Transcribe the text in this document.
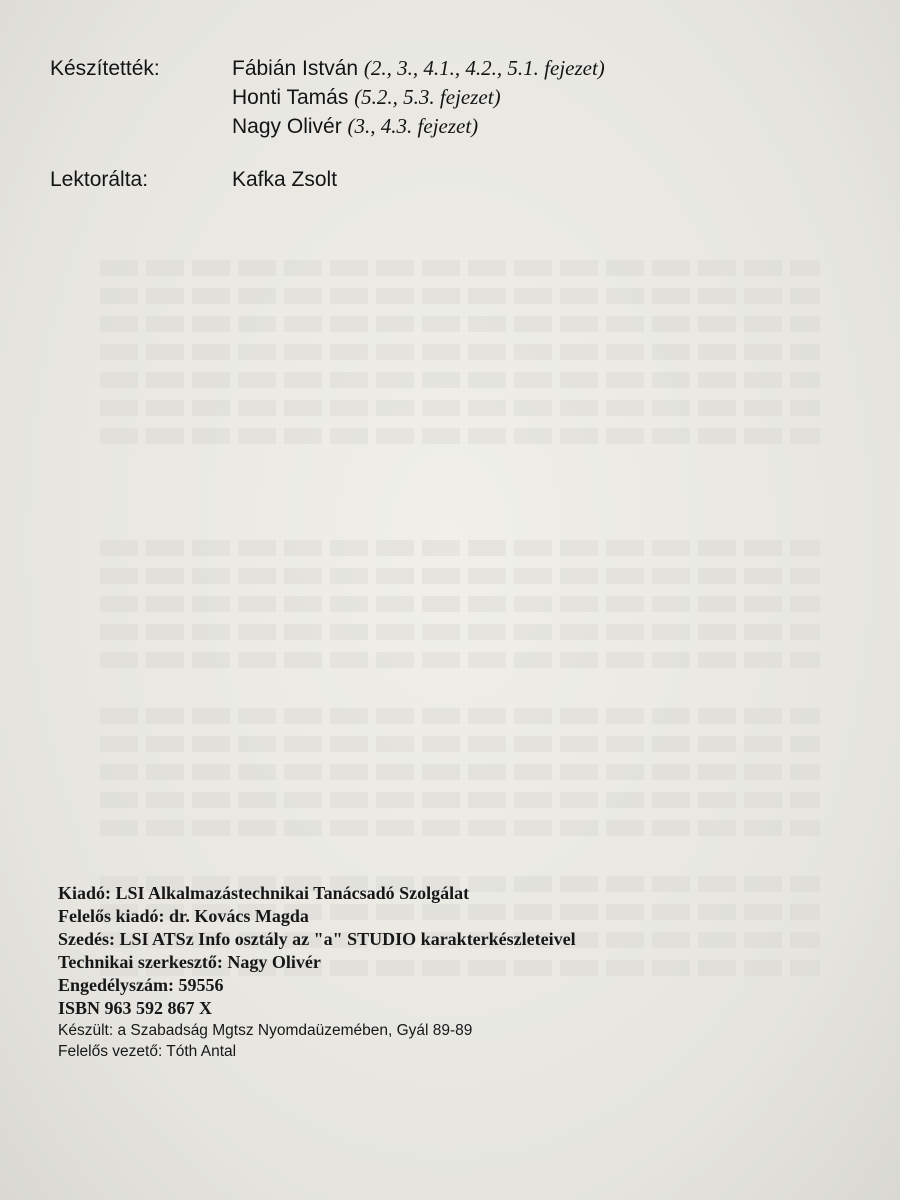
Készítették:	Fábián István (2., 3., 4.1., 4.2., 5.1. fejezet)
Honti Tamás (5.2., 5.3. fejezet)
Nagy Olivér (3., 4.3. fejezet)
Lektorálta:	Kafka Zsolt
Kiadó: LSI Alkalmazástechnikai Tanácsadó Szolgálat
Felelős kiadó: dr. Kovács Magda
Szedés: LSI ATSz Info osztály az "a" STUDIO karakterkészleteivel
Technikai szerkesztő: Nagy Olivér
Engedélyszám: 59556
ISBN 963 592 867 X
Készült: a Szabadság Mgtsz Nyomdaüzemében, Gyál 89-89
Felelős vezető: Tóth Antal
